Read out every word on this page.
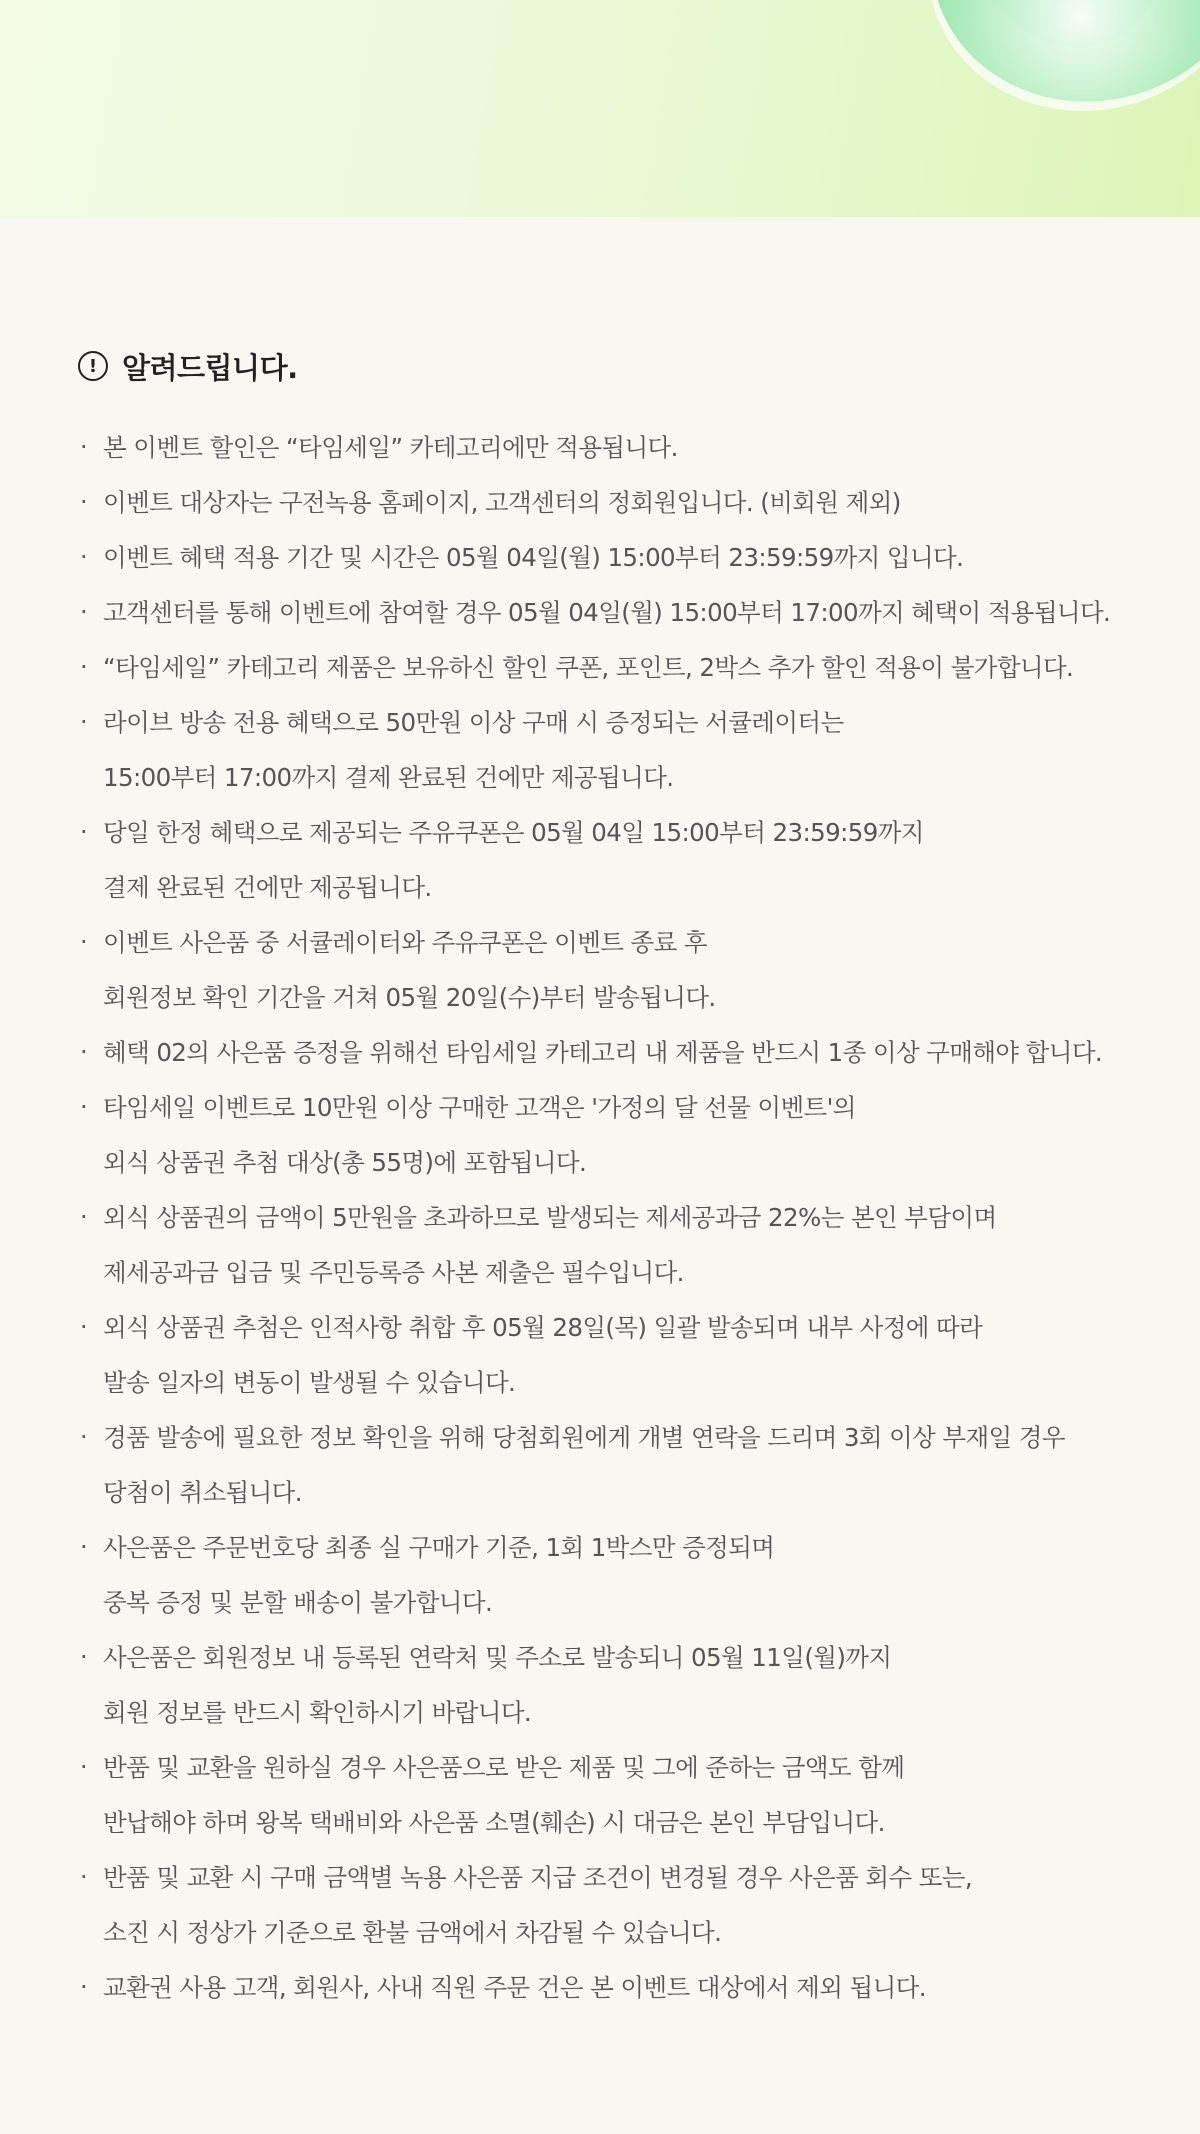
! 알려드립니다.
· 본 이벤트 할인은 “타임세일” 카테고리에만 적용됩니다.
· 이벤트 대상자는 구전녹용 홈페이지, 고객센터의 정회원입니다. (비회원 제외)
· 이벤트 혜택 적용 기간 및 시간은 05월 04일(월) 15:00부터 23:59:59까지 입니다.
· 고객센터를 통해 이벤트에 참여할 경우 05월 04일(월) 15:00부터 17:00까지 혜택이 적용됩니다.
· “타임세일” 카테고리 제품은 보유하신 할인 쿠폰, 포인트, 2박스 추가 할인 적용이 불가합니다.
· 라이브 방송 전용 혜택으로 50만원 이상 구매 시 증정되는 서큘레이터는
15:00부터 17:00까지 결제 완료된 건에만 제공됩니다.
· 당일 한정 혜택으로 제공되는 주유쿠폰은 05월 04일 15:00부터 23:59:59까지
결제 완료된 건에만 제공됩니다.
· 이벤트 사은품 중 서큘레이터와 주유쿠폰은 이벤트 종료 후
회원정보 확인 기간을 거쳐 05월 20일(수)부터 발송됩니다.
· 혜택 02의 사은품 증정을 위해선 타임세일 카테고리 내 제품을 반드시 1종 이상 구매해야 합니다.
· 타임세일 이벤트로 10만원 이상 구매한 고객은 '가정의 달 선물 이벤트'의
외식 상품권 추첨 대상(총 55명)에 포함됩니다.
· 외식 상품권의 금액이 5만원을 초과하므로 발생되는 제세공과금 22%는 본인 부담이며
제세공과금 입금 및 주민등록증 사본 제출은 필수입니다.
· 외식 상품권 추첨은 인적사항 취합 후 05월 28일(목) 일괄 발송되며 내부 사정에 따라
발송 일자의 변동이 발생될 수 있습니다.
· 경품 발송에 필요한 정보 확인을 위해 당첨회원에게 개별 연락을 드리며 3회 이상 부재일 경우
당첨이 취소됩니다.
· 사은품은 주문번호당 최종 실 구매가 기준, 1회 1박스만 증정되며
중복 증정 및 분할 배송이 불가합니다.
· 사은품은 회원정보 내 등록된 연락처 및 주소로 발송되니 05월 11일(월)까지
회원 정보를 반드시 확인하시기 바랍니다.
· 반품 및 교환을 원하실 경우 사은품으로 받은 제품 및 그에 준하는 금액도 함께
반납해야 하며 왕복 택배비와 사은품 소멸(훼손) 시 대금은 본인 부담입니다.
· 반품 및 교환 시 구매 금액별 녹용 사은품 지급 조건이 변경될 경우 사은품 회수 또는,
소진 시 정상가 기준으로 환불 금액에서 차감될 수 있습니다.
· 교환권 사용 고객, 회원사, 사내 직원 주문 건은 본 이벤트 대상에서 제외 됩니다.
